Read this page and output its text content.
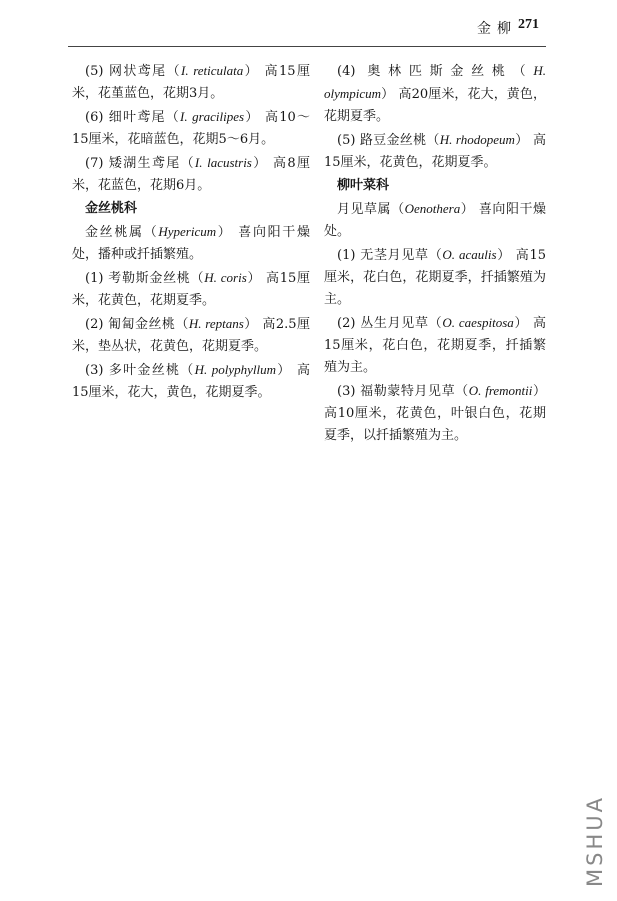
金柳 271
(5) 网状鸢尾（I. reticulata） 高15厘米，花堇蓝色，花期3月。
(6) 细叶鸢尾（I. gracilipes） 高10～15厘米，花暗蓝色，花期5～6月。
(7) 矮湖生鸢尾（I. lacustris） 高8厘米，花蓝色，花期6月。
金丝桃科
金丝桃属（Hypericum） 喜向阳干燥处，播种或扦插繁殖。
(1) 考勒斯金丝桃（H. coris） 高15厘米，花黄色，花期夏季。
(2) 匍匐金丝桃（H. reptans） 高2.5厘米，垫丛状，花黄色，花期夏季。
(3) 多叶金丝桃（H. polyphyllum） 高15厘米，花大，黄色，花期夏季。
(4) 奥林匹斯金丝桃（H. olympicum） 高20厘米，花大，黄色，花期夏季。
(5) 路豆金丝桃（H. rhodopeum） 高15厘米，花黄色，花期夏季。
柳叶菜科
月见草属（Oenothera） 喜向阳干燥处。
(1) 无茎月见草（O. acaulis） 高15厘米，花白色，花期夏季，扦插繁殖为主。
(2) 丛生月见草（O. caespitosa） 高15厘米，花白色，花期夏季，扦插繁殖为主。
(3) 福勒蒙特月见草（O. fremontii） 高10厘米，花黄色，叶银白色，花期夏季，以扦插繁殖为主。
MSHUA
